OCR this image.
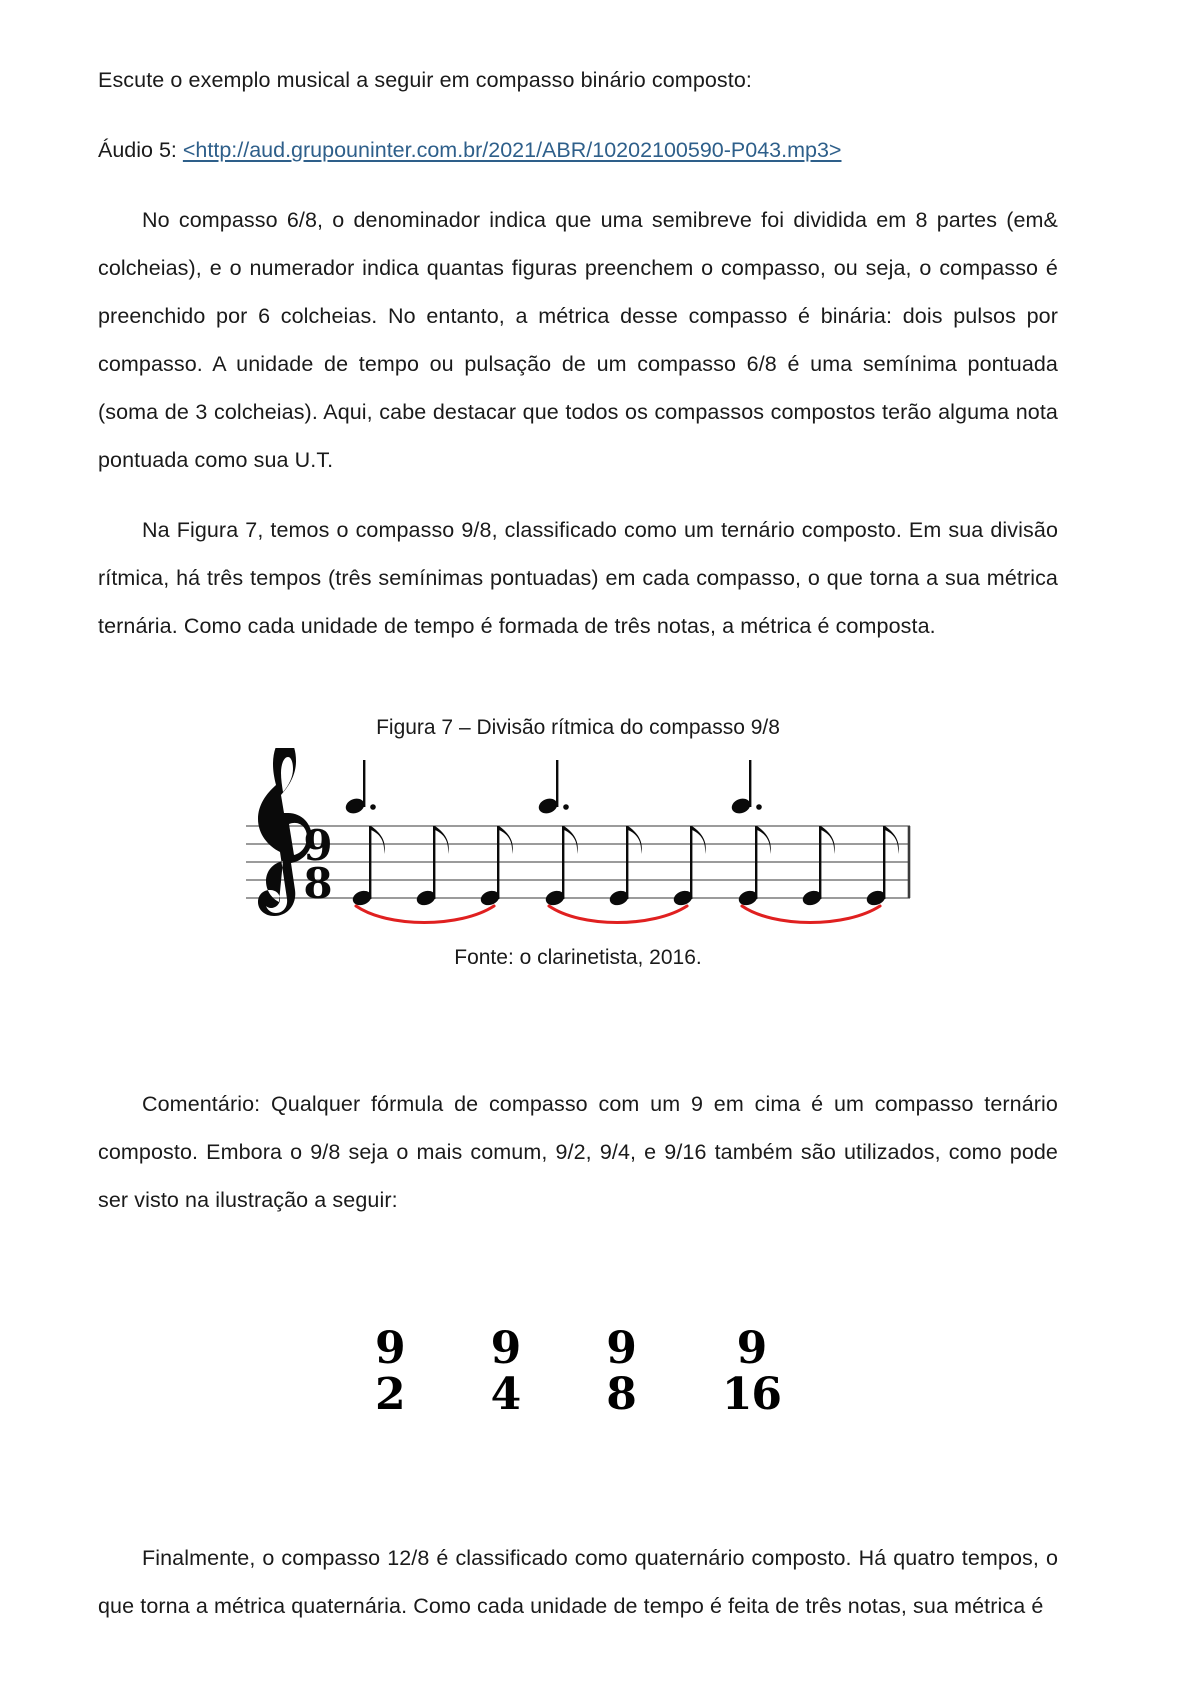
Escute o exemplo musical a seguir em compasso binário composto:

Áudio 5: <http://aud.grupouninter.com.br/2021/ABR/10202100590-P043.mp3>

No compasso 6/8, o denominador indica que uma semibreve foi dividida em 8 partes (em& colcheias), e o numerador indica quantas figuras preenchem o compasso, ou seja, o compasso é preenchido por 6 colcheias. No entanto, a métrica desse compasso é binária: dois pulsos por compasso. A unidade de tempo ou pulsação de um compasso 6/8 é uma semínima pontuada (soma de 3 colcheias). Aqui, cabe destacar que todos os compassos compostos terão alguma nota pontuada como sua U.T.

Na Figura 7, temos o compasso 9/8, classificado como um ternário composto. Em sua divisão rítmica, há três tempos (três semínimas pontuadas) em cada compasso, o que torna a sua métrica ternária. Como cada unidade de tempo é formada de três notas, a métrica é composta.

Figura 7 – Divisão rítmica do compasso 9/8
9
8
Fonte: o clarinetista, 2016.

Comentário: Qualquer fórmula de compasso com um 9 em cima é um compasso ternário composto. Embora o 9/8 seja o mais comum, 9/2, 9/4, e 9/16 também são utilizados, como pode ser visto na ilustração a seguir:

9
2
9
4
9
8
9
16

Finalmente, o compasso 12/8 é classificado como quaternário composto. Há quatro tempos, o que torna a métrica quaternária. Como cada unidade de tempo é feita de três notas, sua métrica é
